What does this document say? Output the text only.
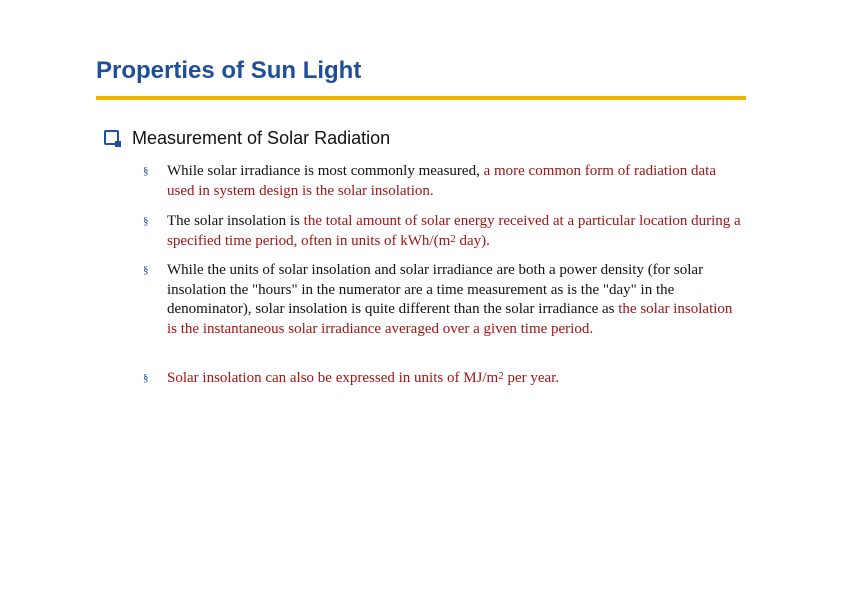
Properties of Sun Light
Measurement of Solar Radiation
§ While solar irradiance is most commonly measured, a more common form of radiation data used in system design is the solar insolation.
§ The solar insolation is the total amount of solar energy received at a particular location during a specified time period, often in units of kWh/($m^2$ day).
§ While the units of solar insolation and solar irradiance are both a power density (for solar insolation the "hours" in the numerator are a time measurement as is the "day" in the denominator), solar insolation is quite different than the solar irradiance as the solar insolation is the instantaneous solar irradiance averaged over a given time period.
§ Solar insolation can also be expressed in units of $MJ/m^2$ per year.
